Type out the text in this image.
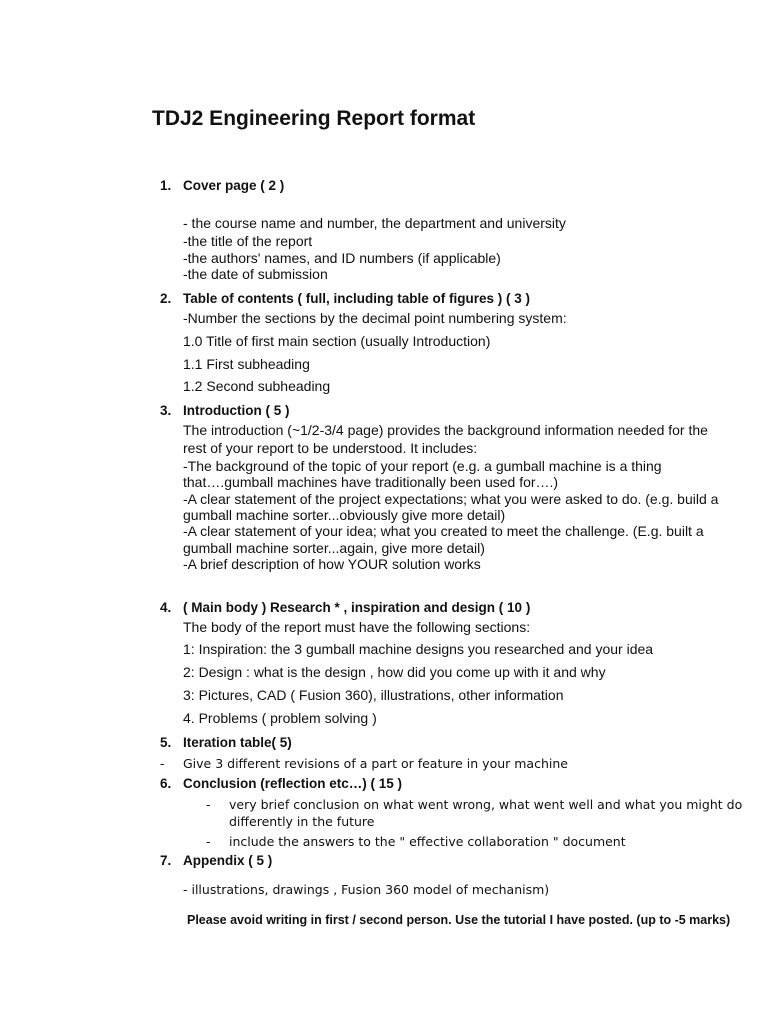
TDJ2 Engineering Report format
1. Cover page ( 2 )
- the course name and number, the department and university
-the title of the report
-the authors' names, and ID numbers (if applicable)
-the date of submission
2. Table of contents ( full, including table of figures ) ( 3 )
-Number the sections by the decimal point numbering system:
1.0 Title of first main section (usually Introduction)
1.1 First subheading
1.2 Second subheading
3. Introduction ( 5 )
The introduction (~1/2-3/4 page) provides the background information needed for the
rest of your report to be understood. It includes:
-The background of the topic of your report (e.g. a gumball machine is a thing
that….gumball machines have traditionally been used for….)
-A clear statement of the project expectations; what you were asked to do. (e.g. build a
gumball machine sorter...obviously give more detail)
-A clear statement of your idea; what you created to meet the challenge. (E.g. built a
gumball machine sorter...again, give more detail)
-A brief description of how YOUR solution works
4. ( Main body ) Research * , inspiration and design ( 10 )
The body of the report must have the following sections:
1: Inspiration: the 3 gumball machine designs you researched and your idea
2: Design : what is the design , how did you come up with it and why
3: Pictures, CAD ( Fusion 360), illustrations, other information
4. Problems ( problem solving )
5. Iteration table( 5)
- Give 3 different revisions of a part or feature in your machine
6. Conclusion (reflection etc…) ( 15 )
- very brief conclusion on what went wrong, what went well and what you might do
differently in the future
- include the answers to the " effective collaboration " document
7. Appendix ( 5 )
- illustrations, drawings , Fusion 360 model of mechanism)
Please avoid writing in first / second person. Use the tutorial I have posted. (up to -5 marks)
